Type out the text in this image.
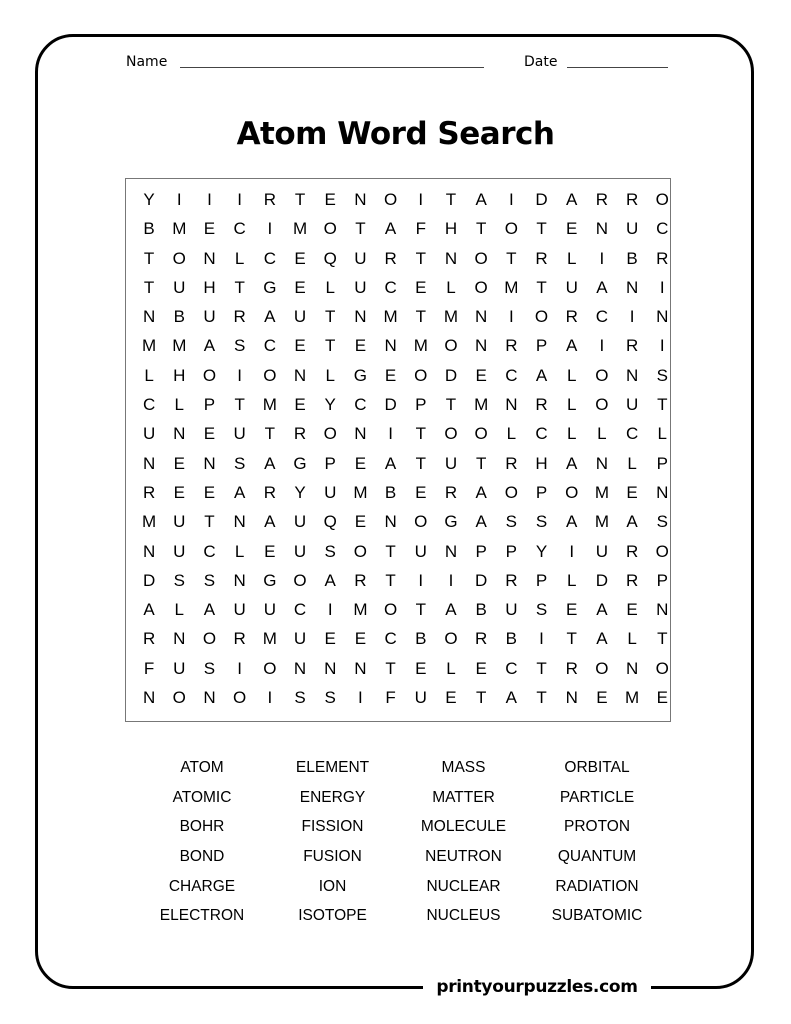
printyourpuzzles.com
Name	Date
Atom Word Search
Y	I	I	I	R	T	E	N	O	I	T	A	I	D	A	R	R	O
B	M	E	C	I	M O	T	A	F	H	T	O	T	E	N	U	C
T	O	N	L	C	E	Q	U	R	T	N	O	T	R	L	I	B	R
T	U	H	T	G	E	L	U	C	E	L	O M	T	U	A	N	I
N	B	U	R	A	U	T	N M	T	M N	I	O	R	C	I	N
M M	A	S	C	E	T	E	N M O	N	R	P	A	I	R	I
L	H	O	I	O	N	L	G	E	O	D	E	C	A	L	O	N	S
C	L	P	T	M	E	Y	C	D	P	T	M N	R	L	O	U	T
U	N	E	U	T	R	O	N	I	T	O O	L	C	L	L	C	L
N	E	N	S	A	G	P	E	A	T	U	T	R	H	A	N	L	P
R	E	E	A	R	Y	U M	B	E	R	A	O	P	O M	E	N
M U	T	N	A	U	Q	E	N	O G	A	S	S	A	M	A	S
N	U	C	L	E	U	S	O	T	U	N	P	P	Y	I	U	R	O
D	S	S	N	G O	A	R	T	I	I	D	R	P	L	D	R	P
A	L	A	U	U	C	I	M O	T	A	B	U	S	E	A	E	N
R	N	O	R M U	E	E	C	B	O	R	B	I	T	A	L	T
F	U	S	I	O	N	N	N	T	E	L	E	C	T	R	O	N	O
N	O	N	O	I	S	S	I	F	U	E	T	A	T	N	E	M	E
ATOM	ELEMENT	MASS	ORBITAL
ATOMIC	ENERGY	MATTER	PARTICLE
BOHR	FISSION	MOLECULE	PROTON
BOND	FUSION	NEUTRON	QUANTUM
CHARGE	ION	NUCLEAR	RADIATION
ELECTRON	ISOTOPE	NUCLEUS	SUBATOMIC
